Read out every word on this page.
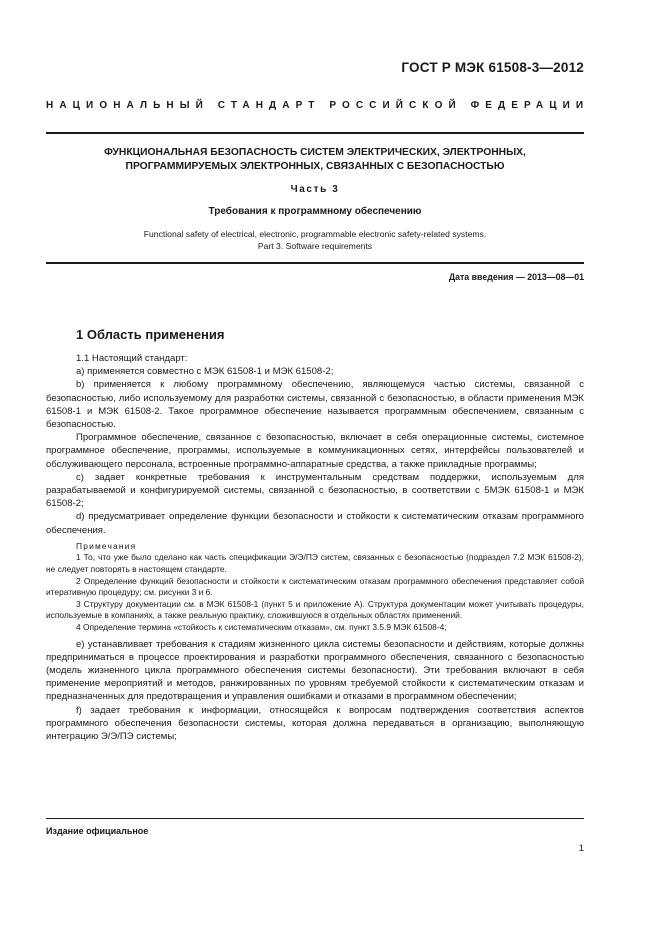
ГОСТ Р МЭК 61508-3—2012
НАЦИОНАЛЬНЫЙ СТАНДАРТ РОССИЙСКОЙ ФЕДЕРАЦИИ
ФУНКЦИОНАЛЬНАЯ БЕЗОПАСНОСТЬ СИСТЕМ ЭЛЕКТРИЧЕСКИХ, ЭЛЕКТРОННЫХ,
ПРОГРАММИРУЕМЫХ ЭЛЕКТРОННЫХ, СВЯЗАННЫХ С БЕЗОПАСНОСТЬЮ
Часть 3
Требования к программному обеспечению
Functional safety of electrical, electronic, programmable electronic safety-related systems.
Part 3. Software requirements
Дата введения — 2013—08—01
1 Область применения

1.1 Настоящий стандарт:

а) применяется совместно с МЭК 61508-1 и МЭК 61508-2;

b) применяется к любому программному обеспечению, являющемуся частью системы, связанной с безопасностью, либо используемому для разработки системы, связанной с безопасностью, в области применения МЭК 61508-1 и МЭК 61508-2. Такое программное обеспечение называется программным обеспечением, связанным с безопасностью.

Программное обеспечение, связанное с безопасностью, включает в себя операционные системы, системное программное обеспечение, программы, используемые в коммуникационных сетях, интерфейсы пользователей и обслуживающего персонала, встроенные программно-аппаратные средства, а также прикладные программы;

с) задает конкретные требования к инструментальным средствам поддержки, используемым для разрабатываемой и конфигурируемой системы, связанной с безопасностью, в соответствии с 5МЭК 61508-1 и МЭК 61508-2;

d) предусматривает определение функции безопасности и стойкости к систематическим отказам программного обеспечения.

Примечания

1 То, что уже было сделано как часть спецификации Э/Э/ПЭ систем, связанных с безопасностью (подраздел 7.2 МЭК 61508-2), не следует повторять в настоящем стандарте.

2 Определение функций безопасности и стойкости к систематическим отказам программного обеспечения представляет собой итеративную процедуру; см. рисунки 3 и 6.

3 Структуру документации см. в МЭК 61508-1 (пункт 5 и приложение А). Структура документации может учитывать процедуры, используемые в компаниях, а также реальную практику, сложившуюся в отдельных областях применений.

4 Определение термина «стойкость к систематическим отказам», см. пункт 3.5.9 МЭК 61508-4;

е) устанавливает требования к стадиям жизненного цикла системы безопасности и действиям, которые должны предприниматься в процессе проектирования и разработки программного обеспечения, связанного с безопасностью (модель жизненного цикла программного обеспечения системы безопасности). Эти требования включают в себя применение мероприятий и методов, ранжированных по уровням требуемой стойкости к систематическим отказам и предназначенных для предотвращения и управления ошибками и отказами в программном обеспечении;

f) задает требования к информации, относящейся к вопросам подтверждения соответствия аспектов программного обеспечения безопасности системы, которая должна передаваться в организацию, выполняющую интеграцию Э/Э/ПЭ системы;

Издание официальное
1
